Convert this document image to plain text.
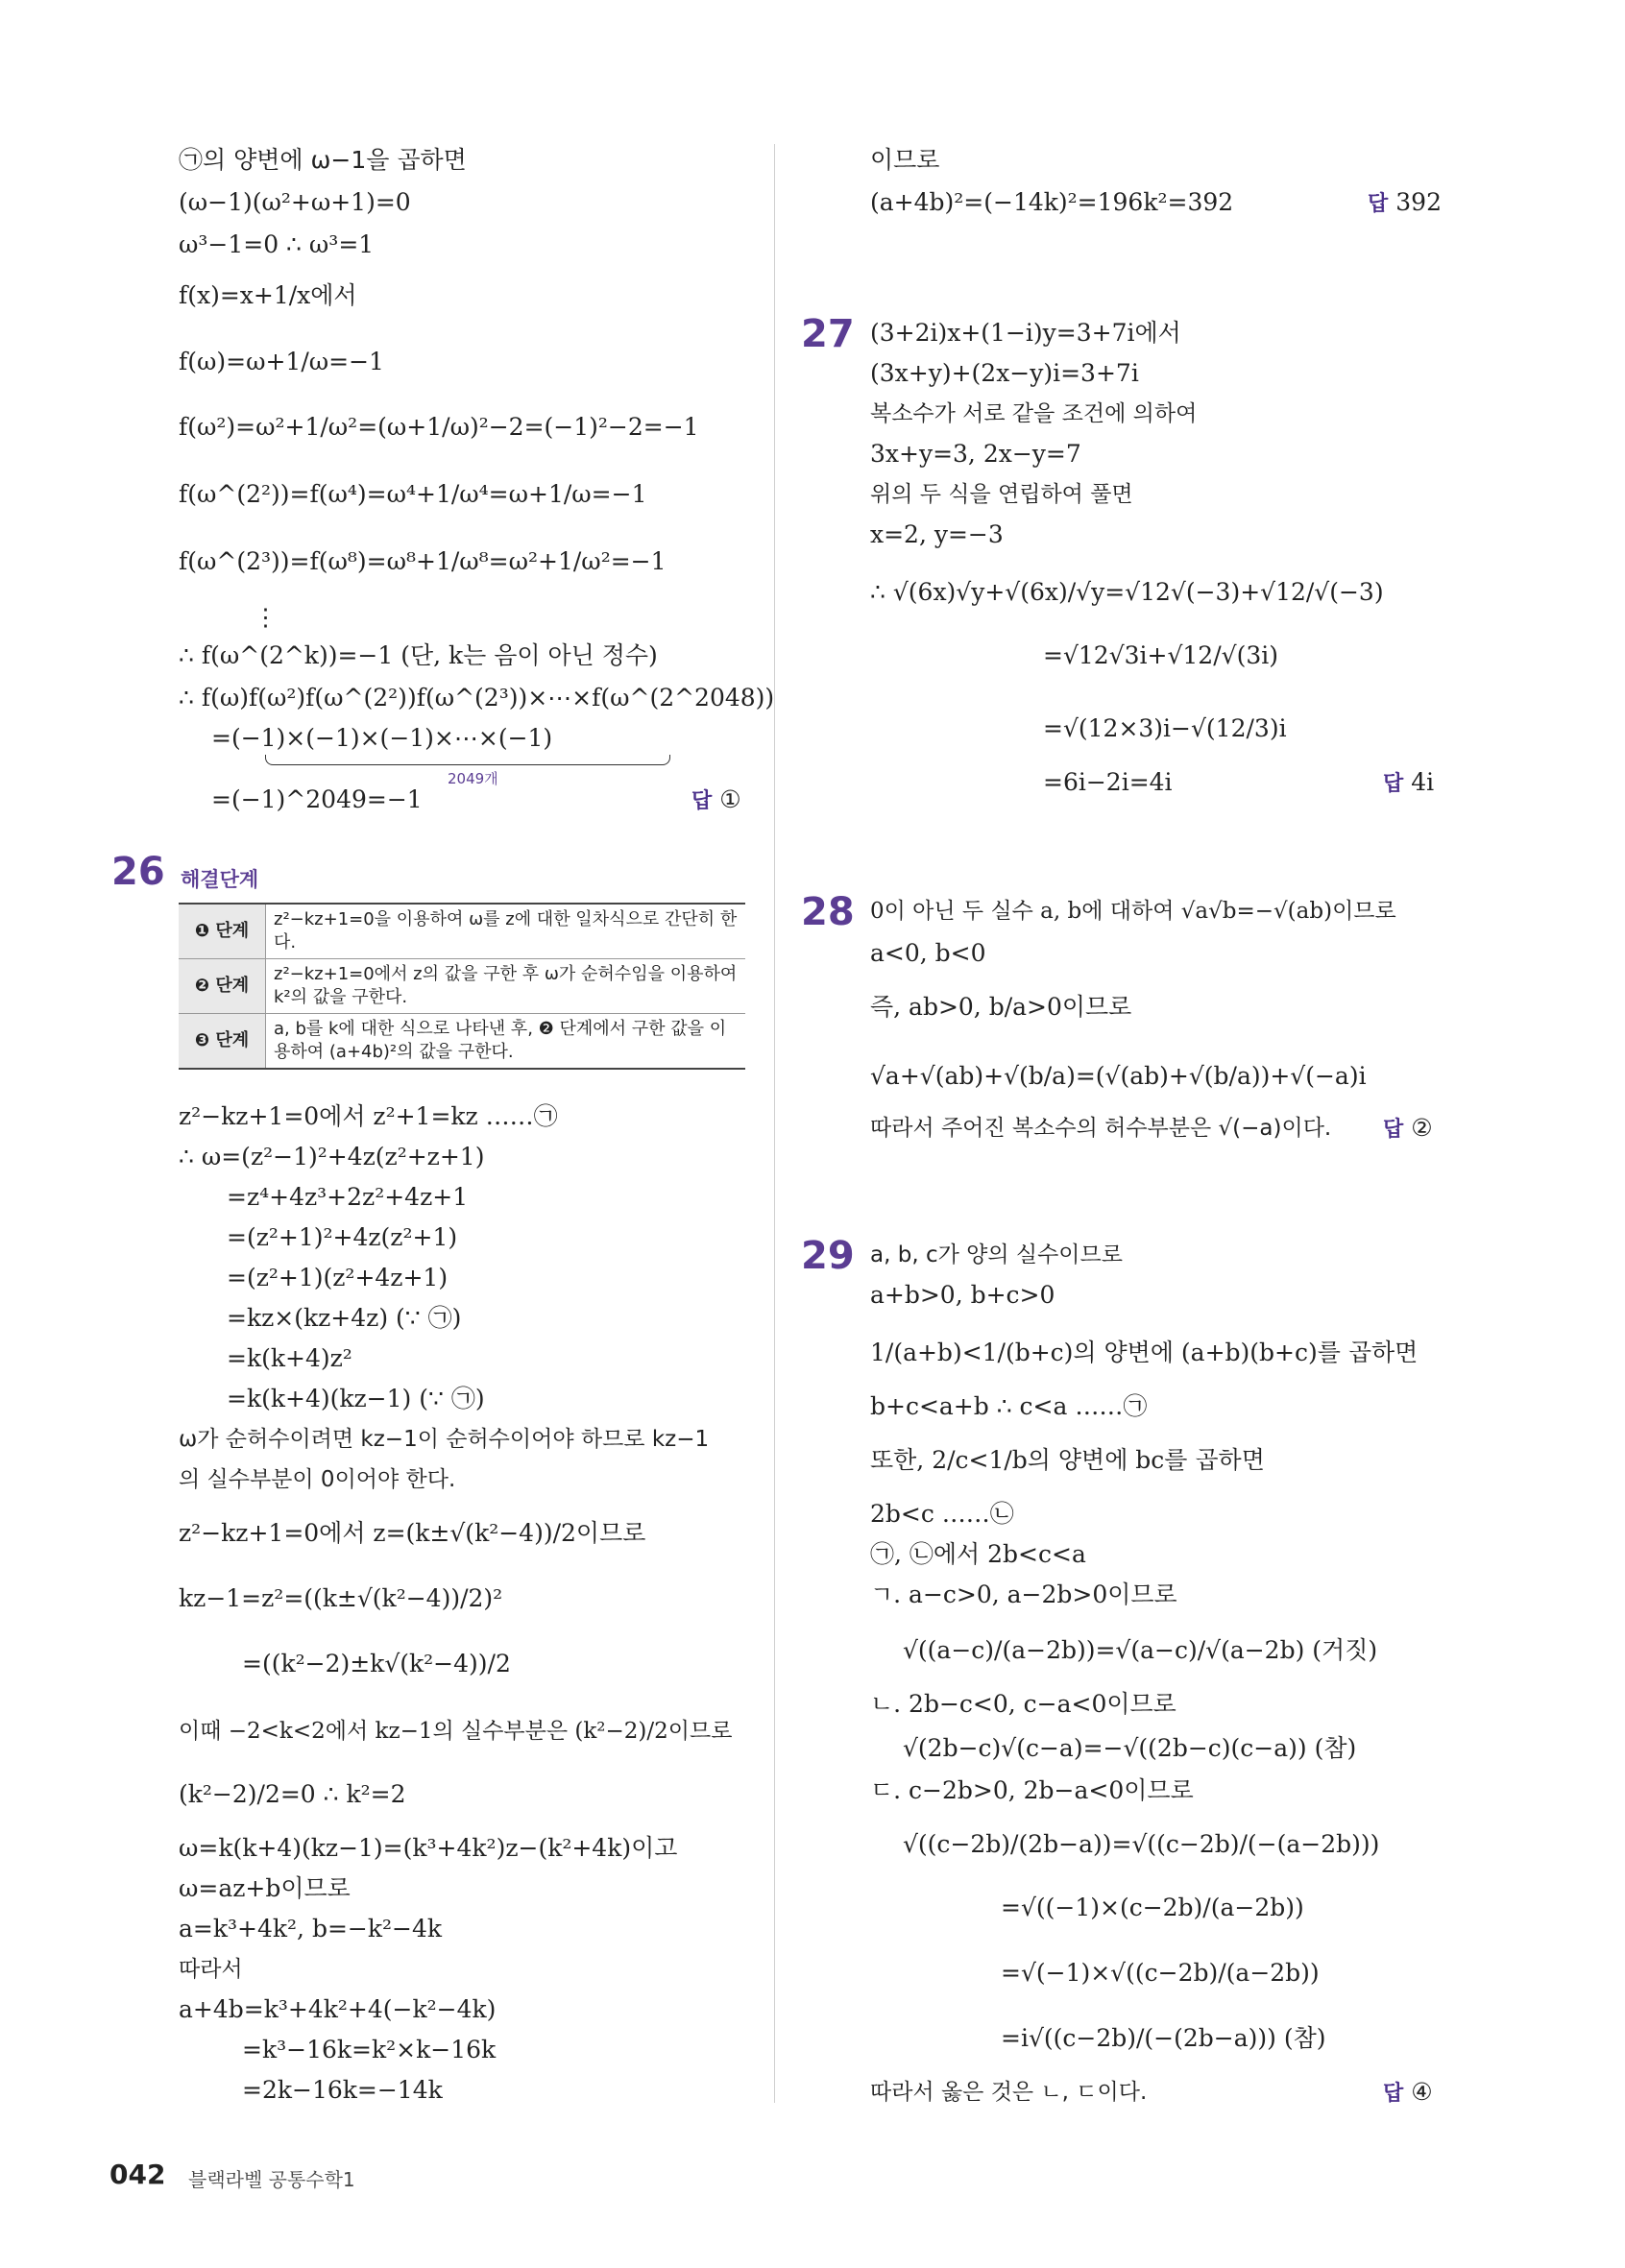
㉠의 양변에 ω−1을 곱하면
(ω−1)(ω²+ω+1)=0
ω³−1=0 ∴ ω³=1
f(x)=x+1/x에서
f(ω)=ω+1/ω=−1
f(ω²)=ω²+1/ω²=(ω+1/ω)²−2=(−1)²−2=−1
f(ω^(2²))=f(ω⁴)=ω⁴+1/ω⁴=ω+1/ω=−1
f(ω^(2³))=f(ω⁸)=ω⁸+1/ω⁸=ω²+1/ω²=−1
⋮
∴ f(ω^(2^k))=−1 (단, k는 음이 아닌 정수)
∴ f(ω)f(ω²)f(ω^(2²))f(ω^(2³))×⋯×f(ω^(2^2048))
=(−1)×(−1)×(−1)×⋯×(−1)
2049개
=(−1)^2049=−1
26 해결단계
❶ 단계	z²−kz+1=0을 이용하여 ω를 z에 대한 일차식으로 간단히 한다.
❷ 단계	z²−kz+1=0에서 z의 값을 구한 후 ω가 순허수임을 이용하여 k²의 값을 구한다.
❸ 단계	a, b를 k에 대한 식으로 나타낸 후, ❷ 단계에서 구한 값을 이용하여 (a+4b)²의 값을 구한다.
z²−kz+1=0에서 z²+1=kz ……㉠
∴ ω=(z²−1)²+4z(z²+z+1)
=z⁴+4z³+2z²+4z+1
=(z²+1)²+4z(z²+1)
=(z²+1)(z²+4z+1)
=kz×(kz+4z) (∵ ㉠)
=k(k+4)z²
=k(k+4)(kz−1) (∵ ㉠)
ω가 순허수이려면 kz−1이 순허수이어야 하므로 kz−1
의 실수부분이 0이어야 한다.
z²−kz+1=0에서 z=(k±√(k²−4))/2이므로
kz−1=z²=((k±√(k²−4))/2)²
=((k²−2)±k√(k²−4))/2
이때 −2<k<2에서 kz−1의 실수부분은 (k²−2)/2이므로
(k²−2)/2=0 ∴ k²=2
ω=k(k+4)(kz−1)=(k³+4k²)z−(k²+4k)이고
ω=az+b이므로
a=k³+4k², b=−k²−4k
따라서
a+4b=k³+4k²+4(−k²−4k)
=k³−16k=k²×k−16k
=2k−16k=−14k
답 ①
이므로
(a+4b)²=(−14k)²=196k²=392
27 (3+2i)x+(1−i)y=3+7i에서
(3x+y)+(2x−y)i=3+7i
복소수가 서로 같을 조건에 의하여
3x+y=3, 2x−y=7
위의 두 식을 연립하여 풀면
x=2, y=−3
∴ √(6x)√y+√(6x)/√y=√12√(−3)+√12/√(−3)
=√12√3i+√12/√(3i)
=√(12×3)i−√(12/3)i
=6i−2i=4i
28 0이 아닌 두 실수 a, b에 대하여 √a√b=−√(ab)이므로
a<0, b<0
즉, ab>0, b/a>0이므로
√a+√(ab)+√(b/a)=(√(ab)+√(b/a))+√(−a)i
따라서 주어진 복소수의 허수부분은 √(−a)이다.
29 a, b, c가 양의 실수이므로
a+b>0, b+c>0
1/(a+b)<1/(b+c)의 양변에 (a+b)(b+c)를 곱하면
b+c<a+b ∴ c<a ……㉠
또한, 2/c<1/b의 양변에 bc를 곱하면
2b<c ……㉡
㉠, ㉡에서 2b<c<a
ㄱ. a−c>0, a−2b>0이므로
√((a−c)/(a−2b))=√(a−c)/√(a−2b) (거짓)
ㄴ. 2b−c<0, c−a<0이므로
√(2b−c)√(c−a)=−√((2b−c)(c−a)) (참)
ㄷ. c−2b>0, 2b−a<0이므로
√((c−2b)/(2b−a))=√((c−2b)/(−(a−2b)))
=√((−1)×(c−2b)/(a−2b))
=√(−1)×√((c−2b)/(a−2b))
=i√((c−2b)/(−(2b−a))) (참)
따라서 옳은 것은 ㄴ, ㄷ이다.
답 392
답 4i
답 ②
답 ④
042 블랙라벨 공통수학1
